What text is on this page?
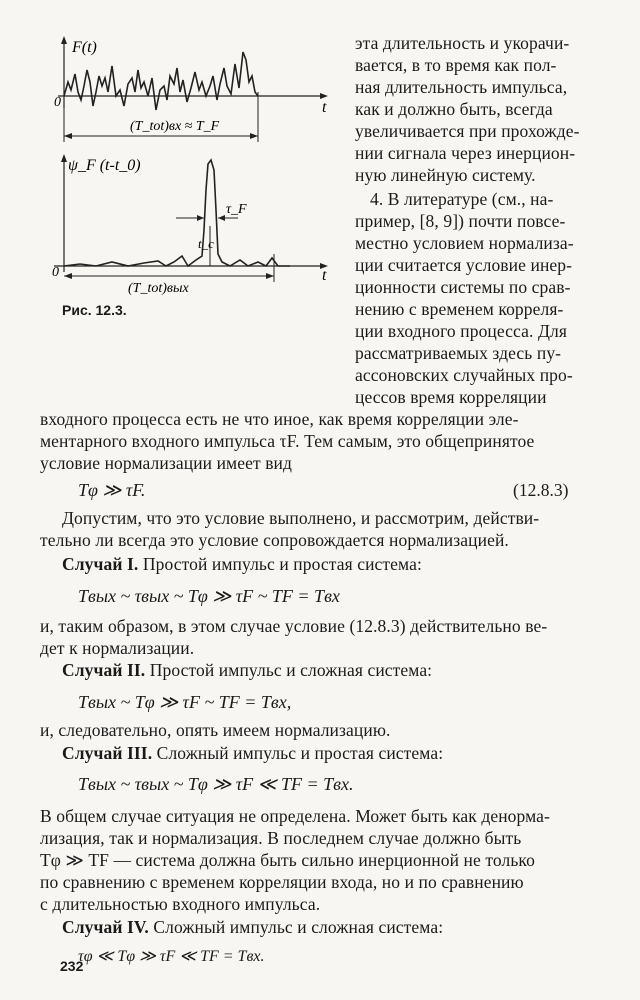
F(t)
0	t
(T_tot)вх ≈ T_F
ψ_F (t-t_0)
0	t
τ_F
t_c
(T_tot)вых
Рис. 12.3.
эта длительность и укорачи-
вается, в то время как пол-
ная длительность импульса,
как и должно быть, всегда
увеличивается при прохожде-
нии сигнала через инерцион-
ную линейную систему.
4. В литературе (см., на-
пример, [8, 9]) почти повсе-
местно условием нормализа-
ции считается условие инер-
ционности системы по срав-
нению с временем корреля-
ции входного процесса. Для
рассматриваемых здесь пу-
ассоновских случайных про-
цессов время корреляции
входного процесса есть не что иное, как время корреляции эле-
ментарного входного импульса τF. Тем самым, это общепринятое
условие нормализации имеет вид
Tφ ≫ τF.	(12.8.3)
Допустим, что это условие выполнено, и рассмотрим, действи-
тельно ли всегда это условие сопровождается нормализацией.
Случай I. Простой импульс и простая система:
Tвых ~ τвых ~ Tφ ≫ τF ~ TF = Tвх
и, таким образом, в этом случае условие (12.8.3) действительно ве-
дет к нормализации.
Случай II. Простой импульс и сложная система:
Tвых ~ Tφ ≫ τF ~ TF = Tвх,
и, следовательно, опять имеем нормализацию.
Случай III. Сложный импульс и простая система:
Tвых ~ τвых ~ Tφ ≫ τF ≪ TF = Tвх.
В общем случае ситуация не определена. Может быть как денорма-
лизация, так и нормализация. В последнем случае должно быть
Tφ ≫ TF — система должна быть сильно инерционной не только
по сравнению с временем корреляции входа, но и по сравнению
с длительностью входного импульса.
Случай IV. Сложный импульс и сложная система:
τφ ≪ Tφ ≫ τF ≪ TF = Tвх.
232
